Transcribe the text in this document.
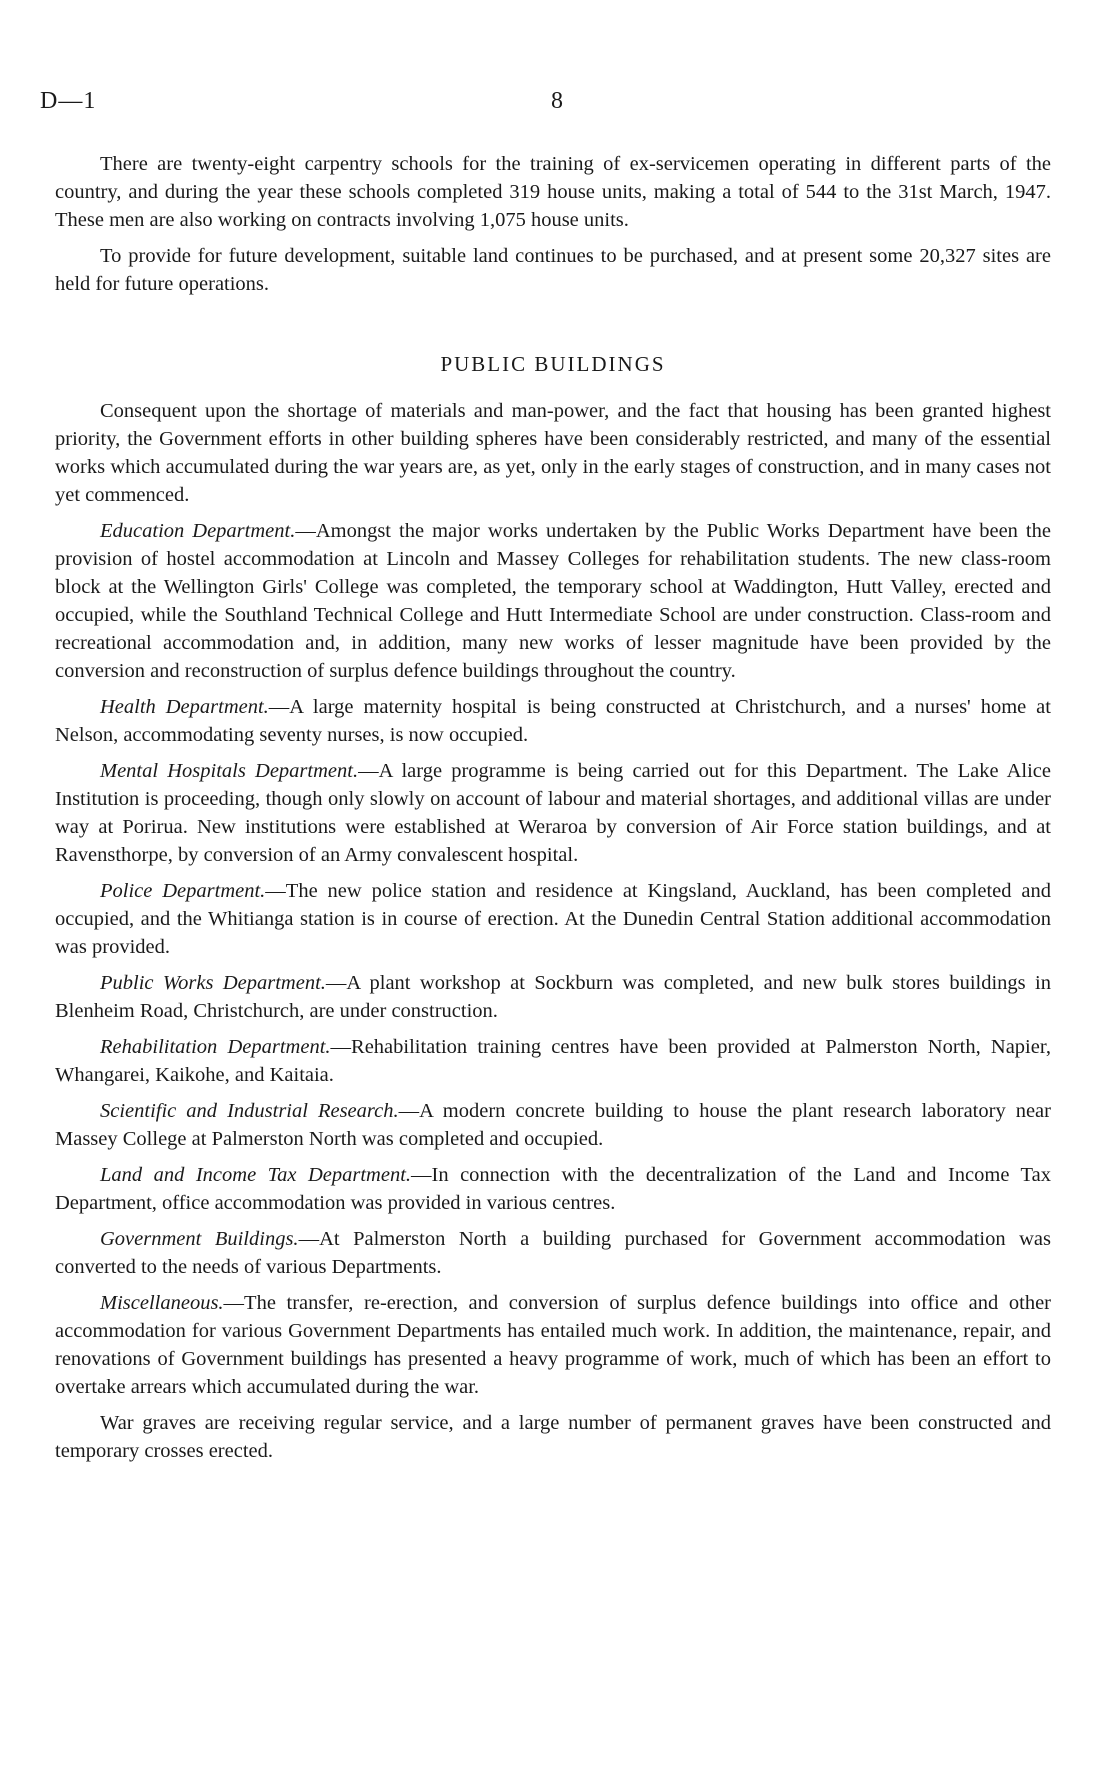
D—1	8

There are twenty-eight carpentry schools for the training of ex-servicemen operating in different parts of the country, and during the year these schools completed 319 house units, making a total of 544 to the 31st March, 1947. These men are also working on contracts involving 1,075 house units.

To provide for future development, suitable land continues to be purchased, and at present some 20,327 sites are held for future operations.

PUBLIC BUILDINGS

Consequent upon the shortage of materials and man-power, and the fact that housing has been granted highest priority, the Government efforts in other building spheres have been considerably restricted, and many of the essential works which accumulated during the war years are, as yet, only in the early stages of construction, and in many cases not yet commenced.

Education Department.—Amongst the major works undertaken by the Public Works Department have been the provision of hostel accommodation at Lincoln and Massey Colleges for rehabilitation students. The new class-room block at the Wellington Girls' College was completed, the temporary school at Waddington, Hutt Valley, erected and occupied, while the Southland Technical College and Hutt Intermediate School are under construction. Class-room and recreational accommodation and, in addition, many new works of lesser magnitude have been provided by the conversion and reconstruction of surplus defence buildings throughout the country.

Health Department.—A large maternity hospital is being constructed at Christchurch, and a nurses' home at Nelson, accommodating seventy nurses, is now occupied.

Mental Hospitals Department.—A large programme is being carried out for this Department. The Lake Alice Institution is proceeding, though only slowly on account of labour and material shortages, and additional villas are under way at Porirua. New institutions were established at Weraroa by conversion of Air Force station buildings, and at Ravensthorpe, by conversion of an Army convalescent hospital.

Police Department.—The new police station and residence at Kingsland, Auckland, has been completed and occupied, and the Whitianga station is in course of erection. At the Dunedin Central Station additional accommodation was provided.

Public Works Department.—A plant workshop at Sockburn was completed, and new bulk stores buildings in Blenheim Road, Christchurch, are under construction.

Rehabilitation Department.—Rehabilitation training centres have been provided at Palmerston North, Napier, Whangarei, Kaikohe, and Kaitaia.

Scientific and Industrial Research.—A modern concrete building to house the plant research laboratory near Massey College at Palmerston North was completed and occupied.

Land and Income Tax Department.—In connection with the decentralization of the Land and Income Tax Department, office accommodation was provided in various centres.

Government Buildings.—At Palmerston North a building purchased for Government accommodation was converted to the needs of various Departments.

Miscellaneous.—The transfer, re-erection, and conversion of surplus defence buildings into office and other accommodation for various Government Departments has entailed much work. In addition, the maintenance, repair, and renovations of Government buildings has presented a heavy programme of work, much of which has been an effort to overtake arrears which accumulated during the war.

War graves are receiving regular service, and a large number of permanent graves have been constructed and temporary crosses erected.
